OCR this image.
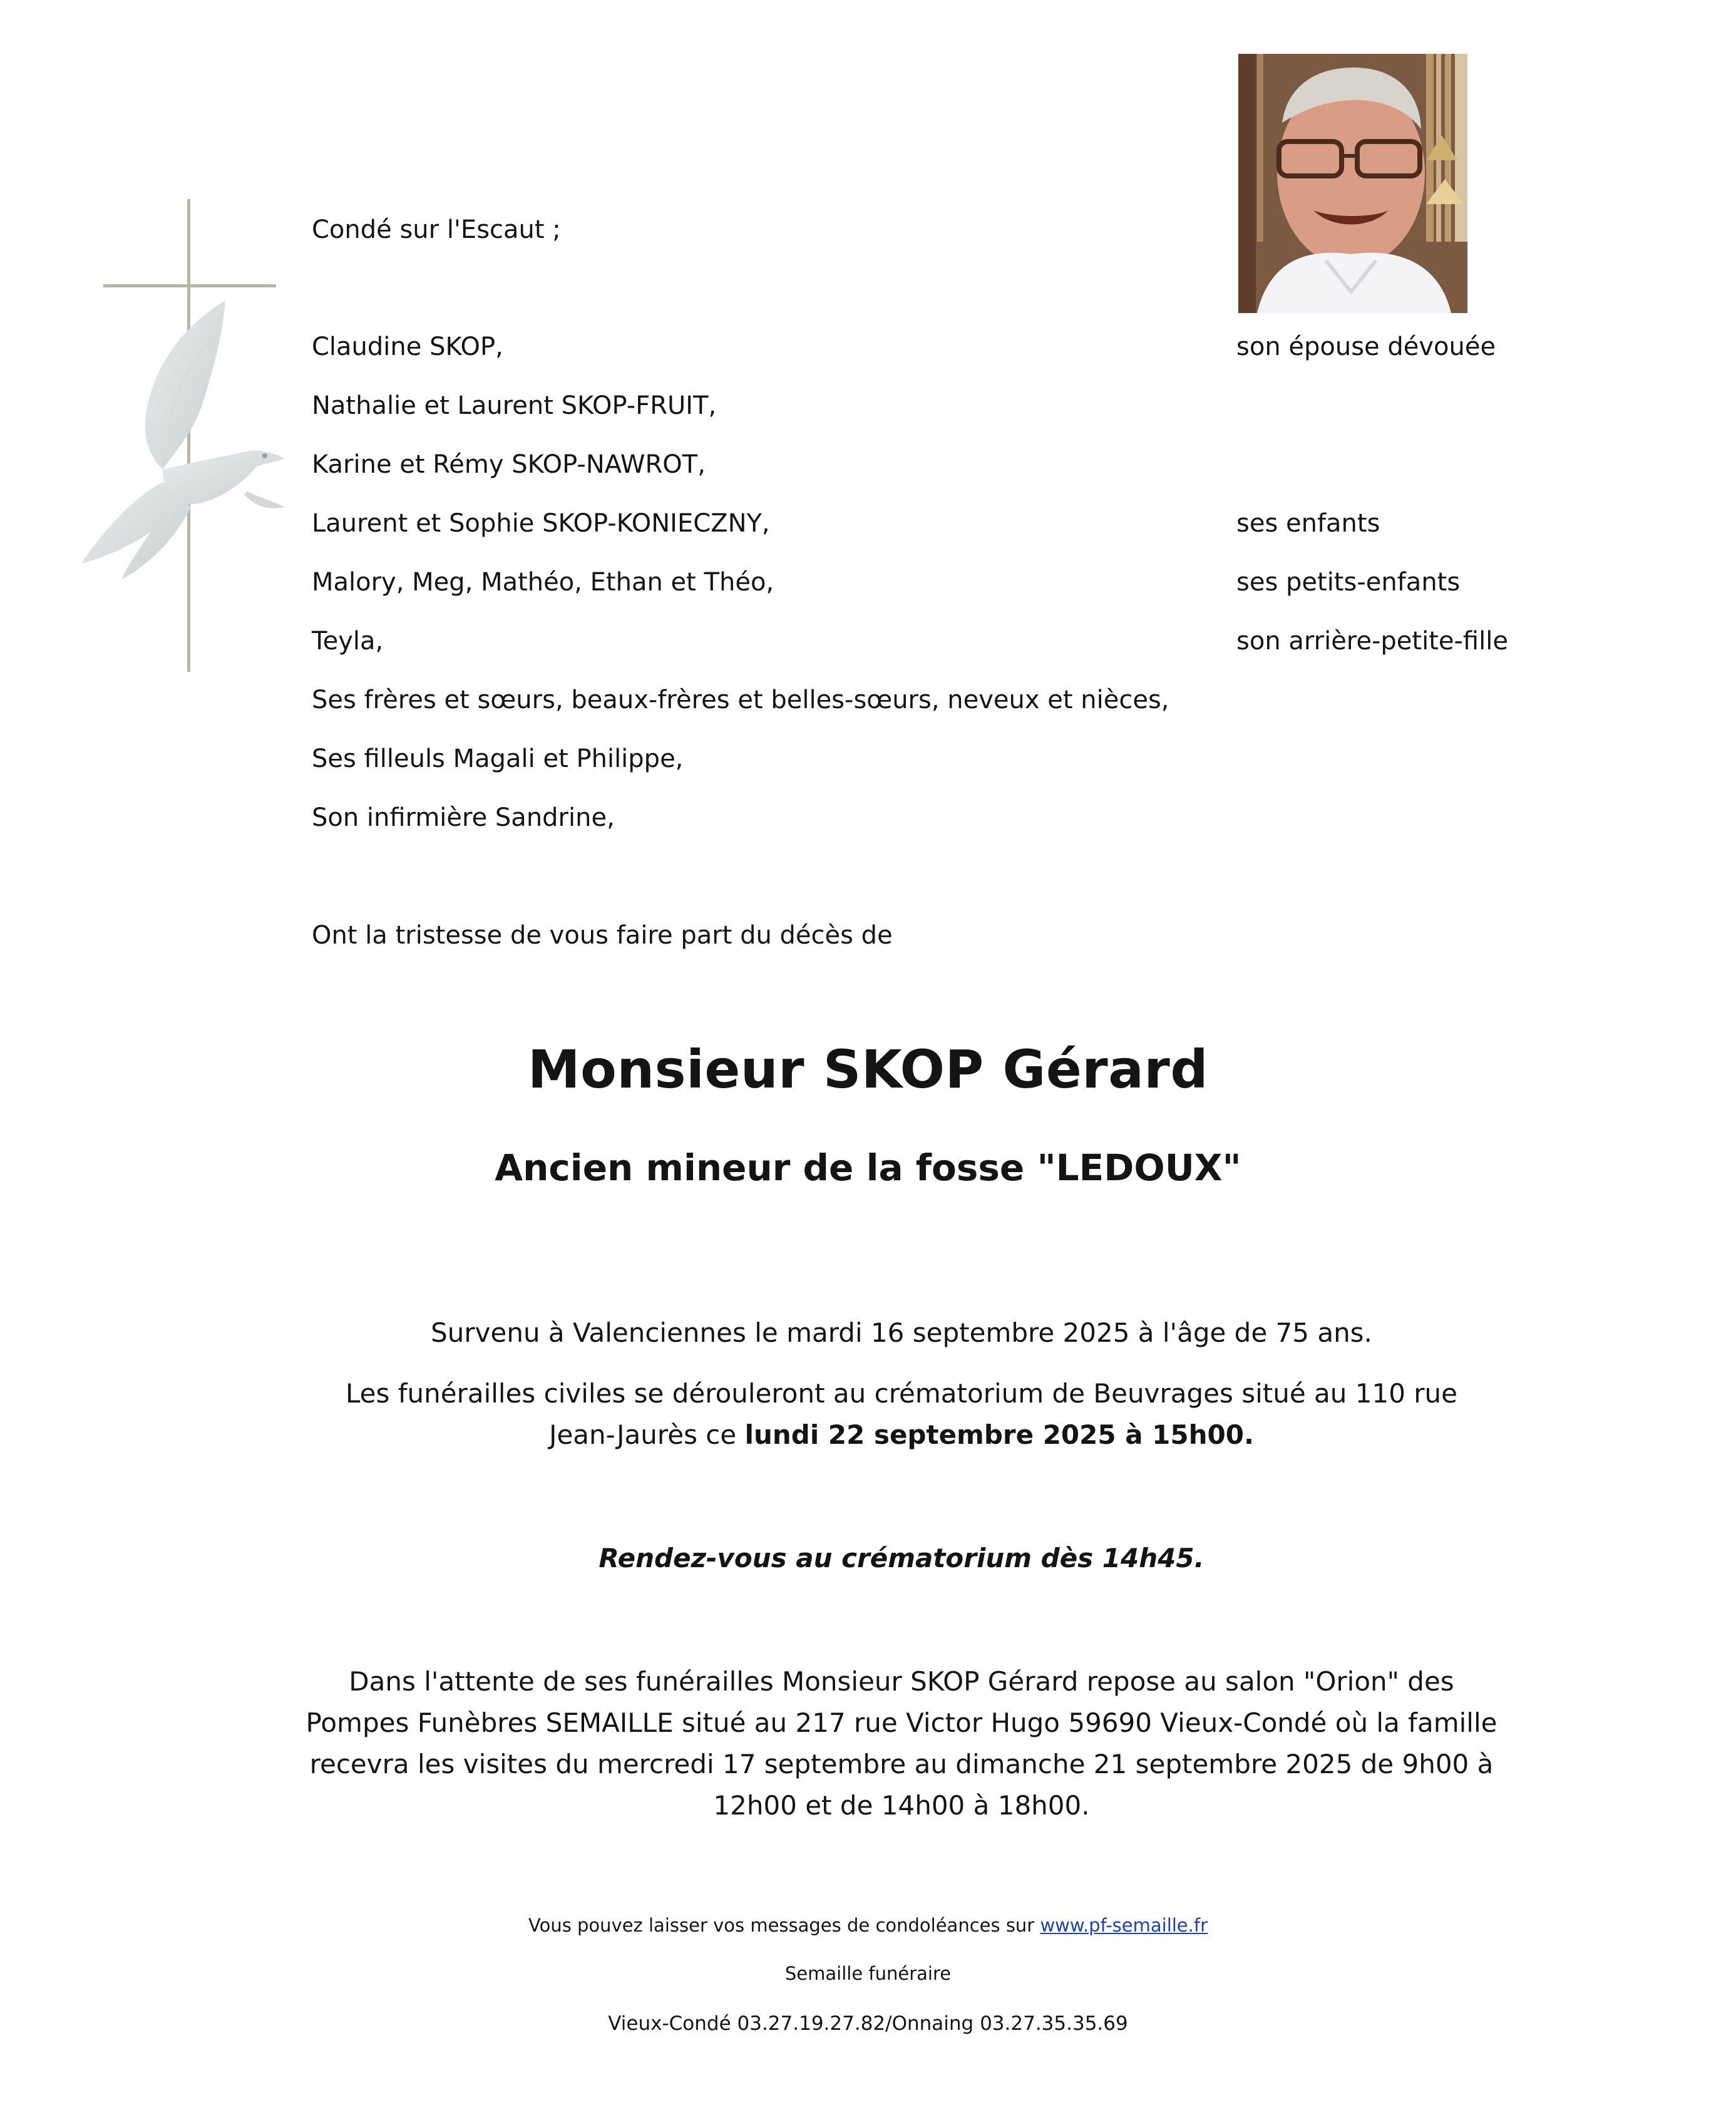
Condé sur l'Escaut ;
Claudine SKOP,	son épouse dévouée
Nathalie et Laurent SKOP-FRUIT,
Karine et Rémy SKOP-NAWROT,
Laurent et Sophie SKOP-KONIECZNY,	ses enfants
Malory, Meg, Mathéo, Ethan et Théo,	ses petits-enfants
Teyla,	son arrière-petite-fille
Ses frères et sœurs, beaux-frères et belles-sœurs, neveux et nièces,
Ses filleuls Magali et Philippe,
Son infirmière Sandrine,
Ont la tristesse de vous faire part du décès de
Monsieur SKOP Gérard
Ancien mineur de la fosse "LEDOUX"
Survenu à Valenciennes le mardi 16 septembre 2025 à l'âge de 75 ans.
Les funérailles civiles se dérouleront au crématorium de Beuvrages situé au 110 rue Jean-Jaurès ce lundi 22 septembre 2025 à 15h00.
Rendez-vous au crématorium dès 14h45.
Dans l'attente de ses funérailles Monsieur SKOP Gérard repose au salon "Orion" des Pompes Funèbres SEMAILLE situé au 217 rue Victor Hugo 59690 Vieux-Condé où la famille recevra les visites du mercredi 17 septembre au dimanche 21 septembre 2025 de 9h00 à 12h00 et de 14h00 à 18h00.
Vous pouvez laisser vos messages de condoléances sur www.pf-semaille.fr
Semaille funéraire
Vieux-Condé 03.27.19.27.82/Onnaing 03.27.35.35.69
